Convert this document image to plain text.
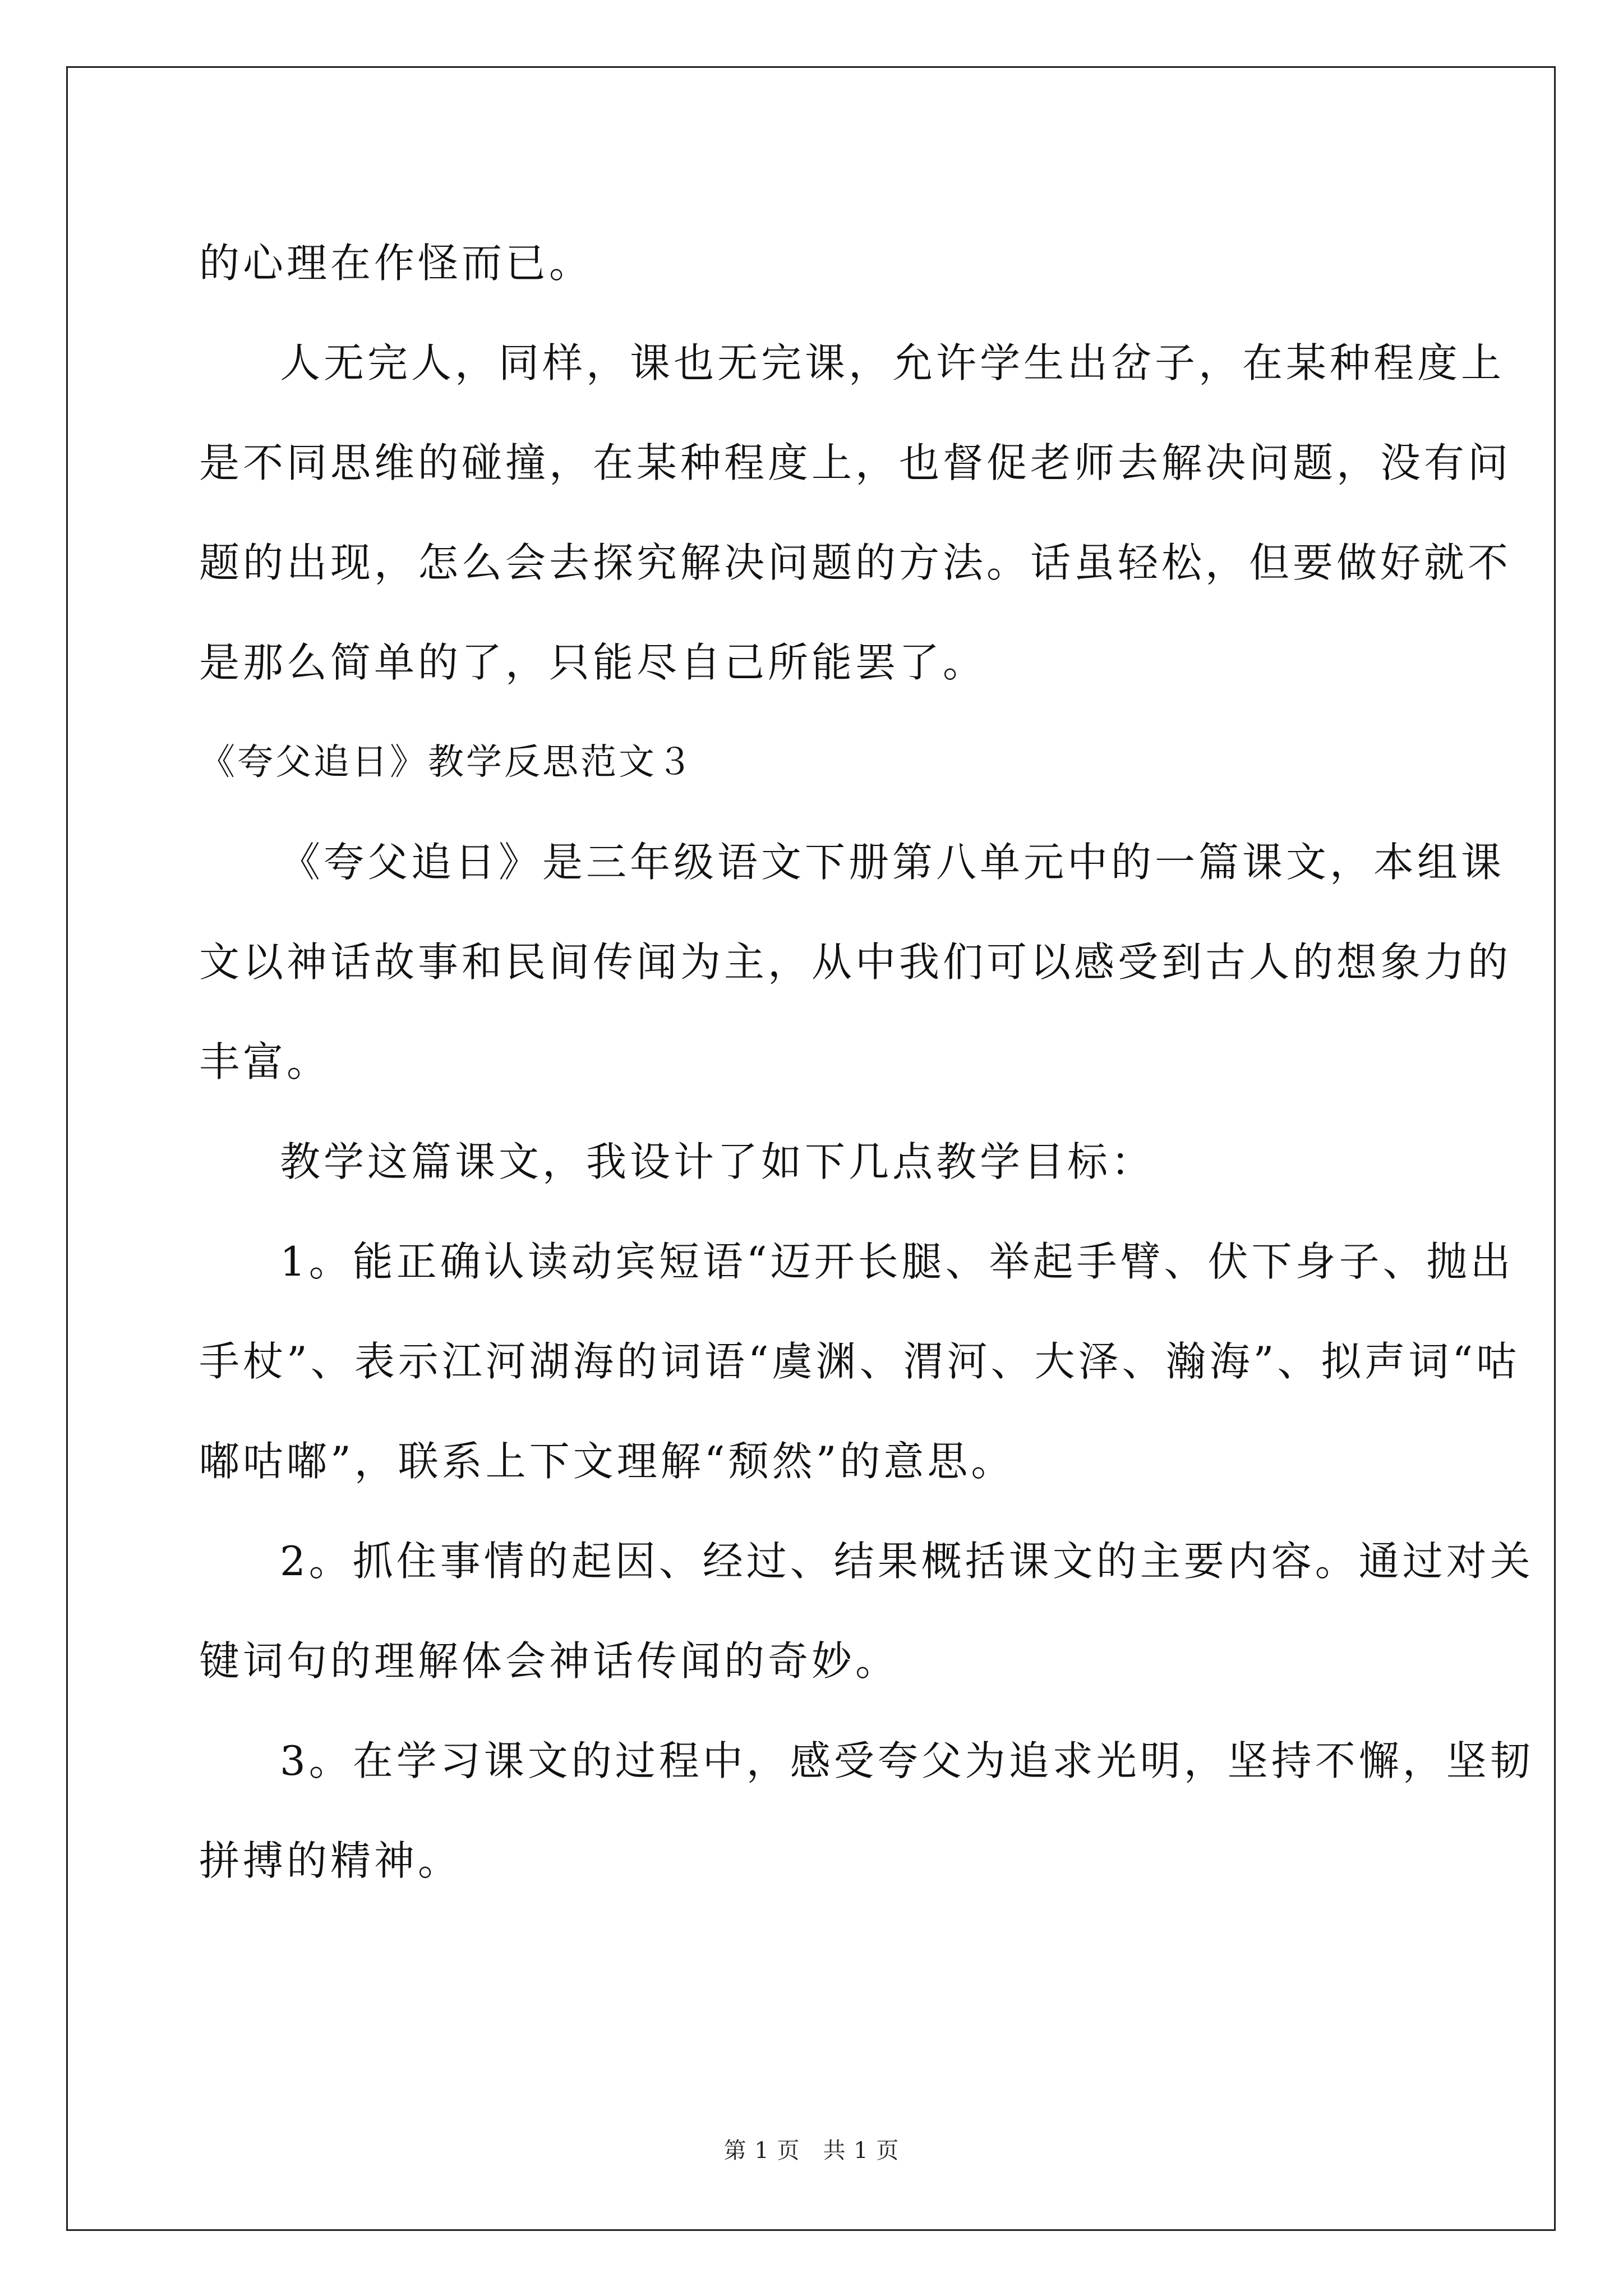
的心理在作怪而已。
人无完人，同样，课也无完课，允许学生出岔子，在某种程度上
是不同思维的碰撞，在某种程度上，也督促老师去解决问题，没有问
题的出现，怎么会去探究解决问题的方法。话虽轻松，但要做好就不
是那么简单的了，只能尽自己所能罢了。
《夸父追日》教学反思范文３
《夸父追日》是三年级语文下册第八单元中的一篇课文，本组课
文以神话故事和民间传闻为主，从中我们可以感受到古人的想象力的
丰富。
教学这篇课文，我设计了如下几点教学目标：
1。能正确认读动宾短语“迈开长腿、举起手臂、伏下身子、抛出
手杖”、表示江河湖海的词语“虞渊、渭河、大泽、瀚海”、拟声词“咕
嘟咕嘟”，联系上下文理解“颓然”的意思。
2。抓住事情的起因、经过、结果概括课文的主要内容。通过对关
键词句的理解体会神话传闻的奇妙。
3。在学习课文的过程中，感受夸父为追求光明，坚持不懈，坚韧
拼搏的精神。
第 1 页　共 1 页
